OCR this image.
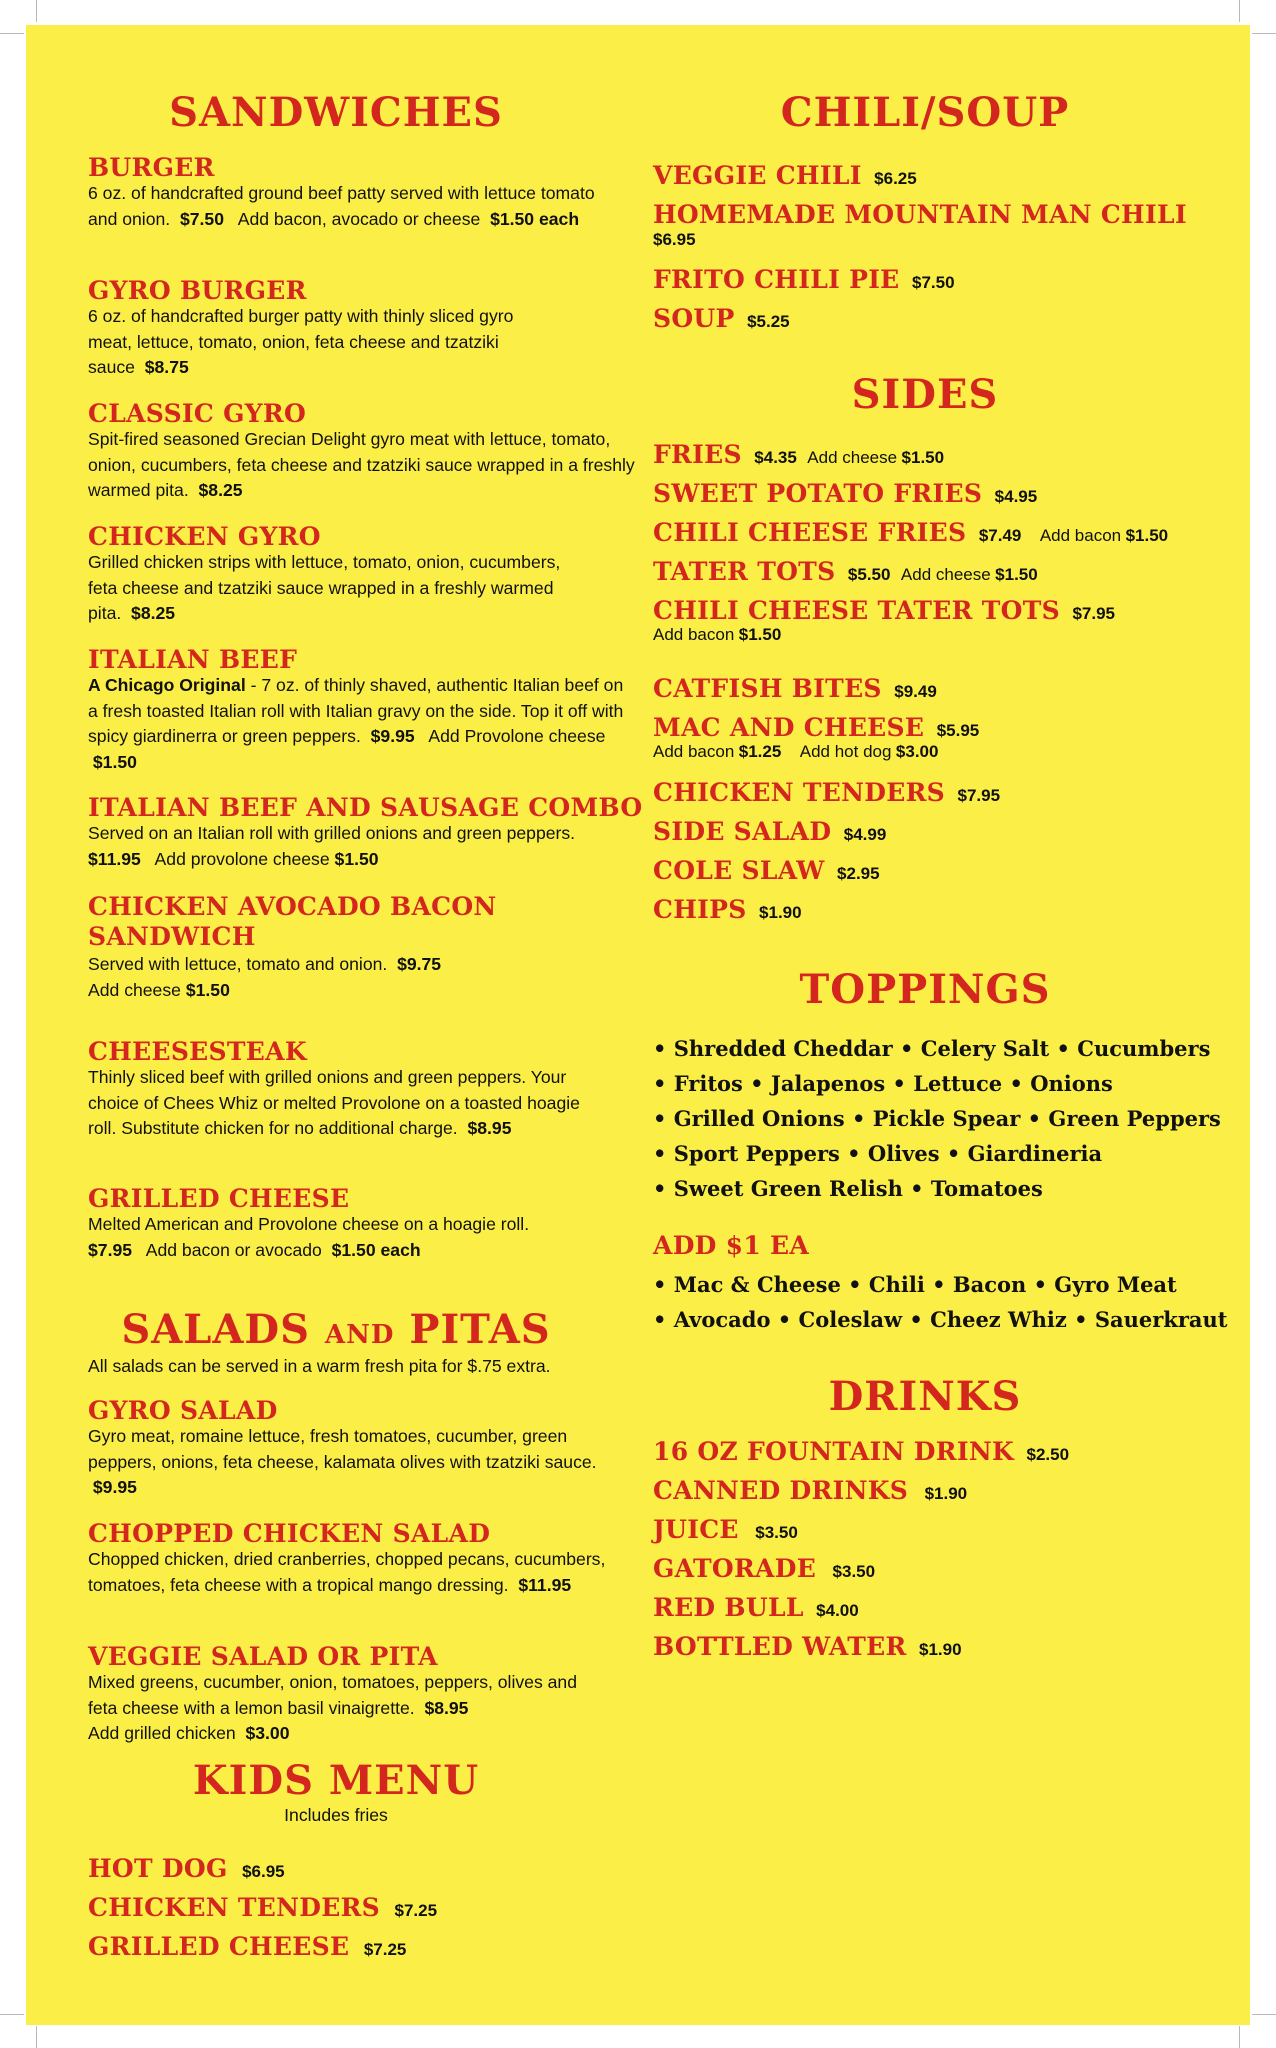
SANDWICHES
BURGER

6 oz. of handcrafted ground beef patty served with lettuce tomato and onion. $7.50 Add bacon, avocado or cheese $1.50 each

GYRO BURGER

6 oz. of handcrafted burger patty with thinly sliced gyro meat, lettuce, tomato, onion, feta cheese and tzatziki sauce $8.75

CLASSIC GYRO

Spit-fired seasoned Grecian Delight gyro meat with lettuce, tomato, onion, cucumbers, feta cheese and tzatziki sauce wrapped in a freshly warmed pita. $8.25

CHICKEN GYRO

Grilled chicken strips with lettuce, tomato, onion, cucumbers, feta cheese and tzatziki sauce wrapped in a freshly warmed pita. $8.25

ITALIAN BEEF

A Chicago Original - 7 oz. of thinly shaved, authentic Italian beef on a fresh toasted Italian roll with Italian gravy on the side. Top it off with spicy giardinerra or green peppers. $9.95 Add Provolone cheese  $1.50

ITALIAN BEEF AND SAUSAGE COMBO

Served on an Italian roll with grilled onions and green peppers. $11.95 Add provolone cheese $1.50

CHICKEN AVOCADO BACON SANDWICH

Served with lettuce, tomato and onion. $9.75
Add cheese $1.50

CHEESESTEAK

Thinly sliced beef with grilled onions and green peppers. Your choice of Chees Whiz or melted Provolone on a toasted hoagie roll. Substitute chicken for no additional charge. $8.95

GRILLED CHEESE

Melted American and Provolone cheese on a hoagie roll.
$7.95 Add bacon or avocado $1.50 each

SALADS AND PITAS

All salads can be served in a warm fresh pita for $.75 extra.

GYRO SALAD

Gyro meat, romaine lettuce, fresh tomatoes, cucumber, green peppers, onions, feta cheese, kalamata olives with tzatziki sauce.  $9.95

CHOPPED CHICKEN SALAD

Chopped chicken, dried cranberries, chopped pecans, cucumbers, tomatoes, feta cheese with a tropical mango dressing. $11.95

VEGGIE SALAD OR PITA

Mixed greens, cucumber, onion, tomatoes, peppers, olives and feta cheese with a lemon basil vinaigrette. $8.95
Add grilled chicken $3.00

KIDS MENU

Includes fries

HOT DOG $6.95
CHICKEN TENDERS $7.25
GRILLED CHEESE $7.25
CHILI/SOUP
VEGGIE CHILI $6.25
HOMEMADE MOUNTAIN MAN CHILI
$6.95
FRITO CHILI PIE $7.50
SOUP $5.25
SIDES
FRIES $4.35 Add cheese $1.50
SWEET POTATO FRIES $4.95
CHILI CHEESE FRIES $7.49 Add bacon $1.50
TATER TOTS $5.50 Add cheese $1.50
CHILI CHEESE TATER TOTS $7.95
Add bacon $1.50
CATFISH BITES $9.49
MAC AND CHEESE $5.95
Add bacon $1.25 Add hot dog $3.00
CHICKEN TENDERS $7.95
SIDE SALAD $4.99
COLE SLAW $2.95
CHIPS $1.90
TOPPINGS
• Shredded Cheddar • Celery Salt • Cucumbers
• Fritos • Jalapenos • Lettuce • Onions
• Grilled Onions • Pickle Spear • Green Peppers
• Sport Peppers • Olives • Giardineria
• Sweet Green Relish • Tomatoes
ADD $1 EA
• Mac & Cheese • Chili • Bacon • Gyro Meat
• Avocado • Coleslaw • Cheez Whiz • Sauerkraut
DRINKS
16 OZ FOUNTAIN DRINK $2.50
CANNED DRINKS $1.90
JUICE $3.50
GATORADE $3.50
RED BULL $4.00
BOTTLED WATER $1.90
